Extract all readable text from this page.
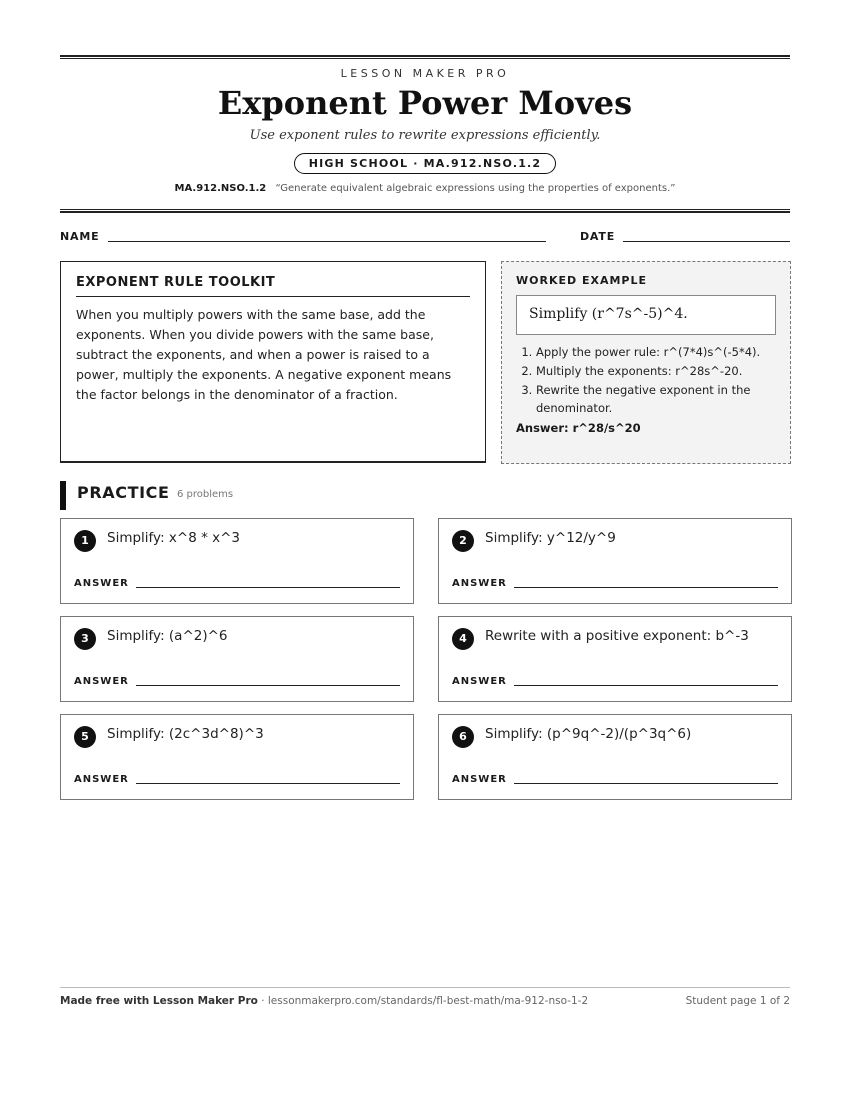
LESSON MAKER PRO
Exponent Power Moves
Use exponent rules to rewrite expressions efficiently.
HIGH SCHOOL · MA.912.NSO.1.2
MA.912.NSO.1.2 “Generate equivalent algebraic expressions using the properties of exponents.”
NAME	DATE
EXPONENT RULE TOOLKIT
When you multiply powers with the same base, add the exponents. When you divide powers with the same base, subtract the exponents, and when a power is raised to a power, multiply the exponents. A negative exponent means the factor belongs in the denominator of a fraction.
WORKED EXAMPLE
Simplify (r^7s^-5)^4.
1. Apply the power rule: r^(7*4)s^(-5*4).
2. Multiply the exponents: r^28s^-20.
3. Rewrite the negative exponent in the denominator.
Answer: r^28/s^20
PRACTICE 6 problems
1	Simplify: x^8 * x^3
ANSWER
2	Simplify: y^12/y^9
ANSWER
3	Simplify: (a^2)^6
ANSWER
4	Rewrite with a positive exponent: b^-3
ANSWER
5	Simplify: (2c^3d^8)^3
ANSWER
6	Simplify: (p^9q^-2)/(p^3q^6)
ANSWER
Made free with Lesson Maker Pro · lessonmakerpro.com/standards/fl-best-math/ma-912-nso-1-2	Student page 1 of 2
